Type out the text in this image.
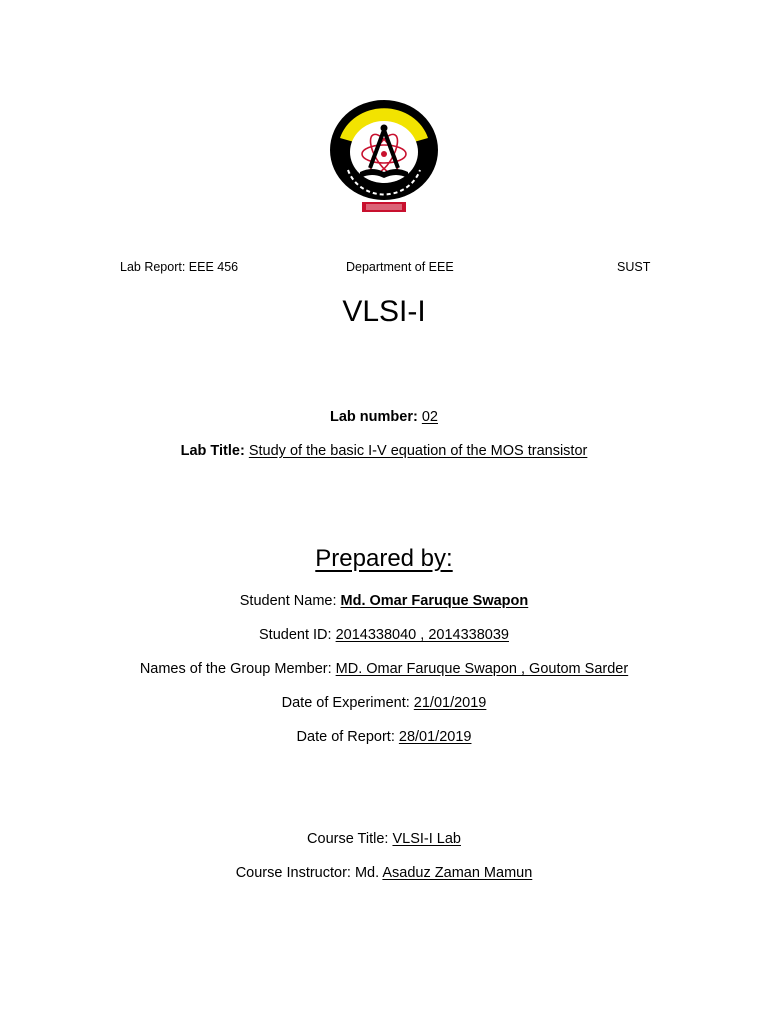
Lab Report: EEE 456	Department of EEE	SUST
VLSI-I
Lab number: 02
Lab Title: Study of the basic I-V equation of the MOS transistor
Prepared by:
Student Name: Md. Omar Faruque Swapon
Student ID: 2014338040 , 2014338039
Names of the Group Member: MD. Omar Faruque Swapon , Goutom Sarder
Date of Experiment: 21/01/2019
Date of Report: 28/01/2019
Course Title: VLSI-I Lab
Course Instructor: Md. Asaduz Zaman Mamun
